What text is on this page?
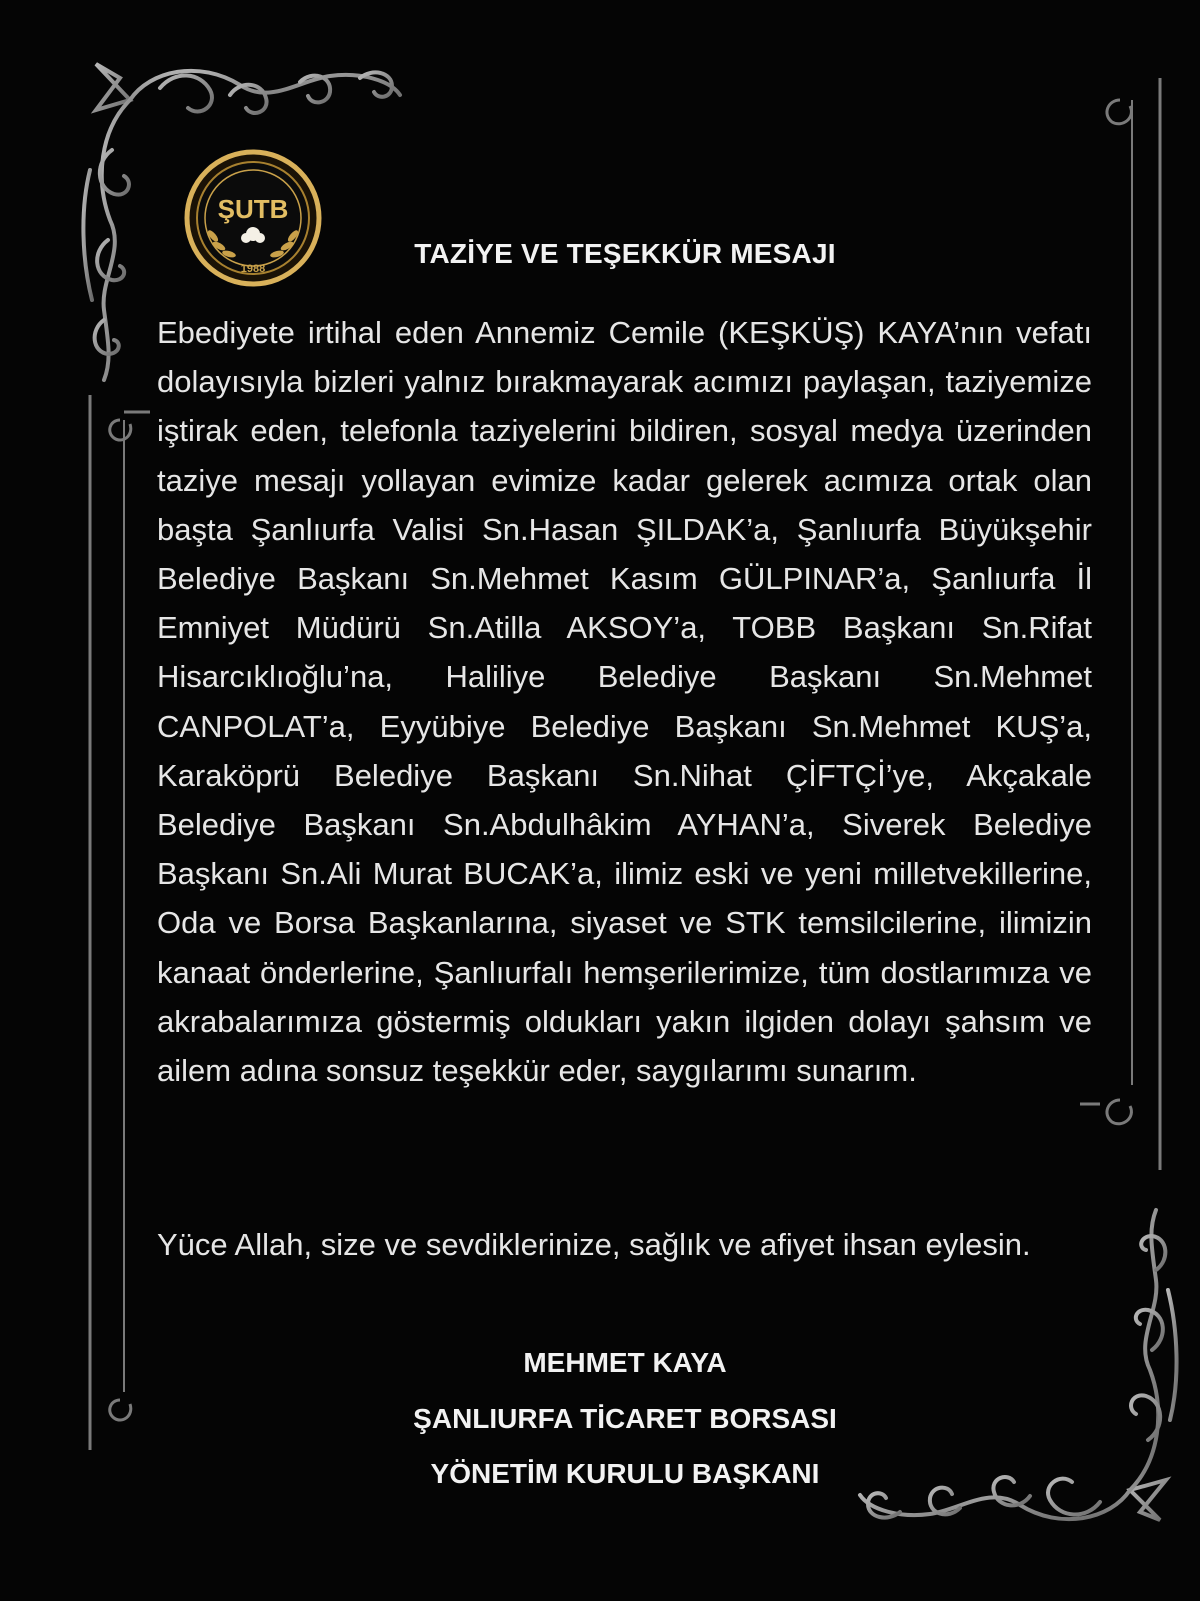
ŞUTB
1988	TAZİYE VE TEŞEKKÜR MESAJI
Ebediyete irtihal eden Annemiz Cemile (KEŞKÜŞ) KAYA’nın vefatı dolayısıyla bizleri yalnız bırakmayarak acımızı paylaşan, taziyemize iştirak eden, telefonla taziyelerini bildiren, sosyal medya üzerinden taziye mesajı yollayan evimize kadar gelerek acımıza ortak olan başta Şanlıurfa Valisi Sn.Hasan ŞILDAK’a, Şanlıurfa Büyükşehir Belediye Başkanı Sn.Mehmet Kasım GÜLPINAR’a, Şanlıurfa İl Emniyet Müdürü Sn.Atilla AKSOY’a, TOBB Başkanı Sn.Rifat Hisarcıklıoğlu’na, Haliliye Belediye Başkanı Sn.Mehmet CANPOLAT’a, Eyyübiye Belediye Başkanı Sn.Mehmet KUŞ’a, Karaköprü Belediye Başkanı Sn.Nihat ÇİFTÇİ’ye, Akçakale Belediye Başkanı Sn.Abdulhâkim AYHAN’a, Siverek Belediye Başkanı Sn.Ali Murat BUCAK’a, ilimiz eski ve yeni milletvekillerine, Oda ve Borsa Başkanlarına, siyaset ve STK temsilcilerine, ilimizin kanaat önderlerine, Şanlıurfalı hemşerilerimize, tüm dostlarımıza ve akrabalarımıza göstermiş oldukları yakın ilgiden dolayı şahsım ve ailem adına sonsuz teşekkür eder, saygılarımı sunarım.
Yüce Allah, size ve sevdiklerinize, sağlık ve afiyet ihsan eylesin.
MEHMET KAYA
ŞANLIURFA TİCARET BORSASI
YÖNETİM KURULU BAŞKANI
